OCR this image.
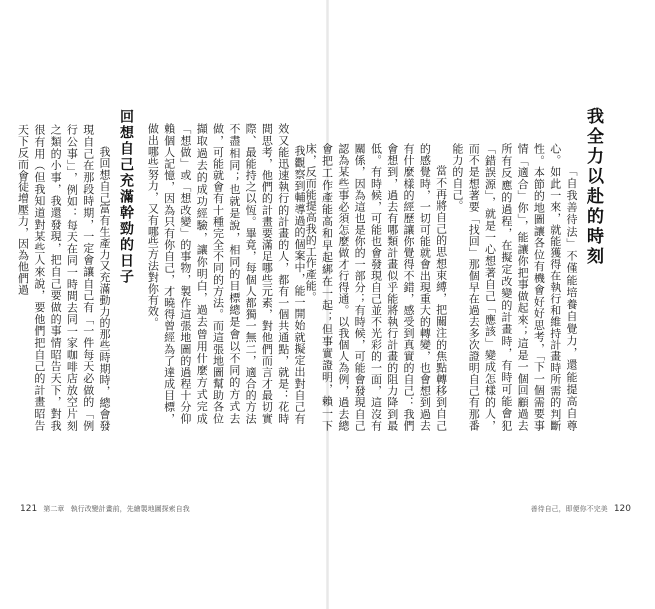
我全力以赴的時刻

「自我善待法」不僅能培養自覺力，還能提高自尊心。如此一來，就能獲得在執行和維持計畫時所需的判斷性。本節的地圖讓各位有機會好好思考，「下一個需要事情「適合」你」，能讓你把事做起來；這是一個回顧過去所有反應的過程，在擬定改變的計畫時，有時可能會犯「錯誤源」，就是一心想著自己「應該」變成怎樣的人，而不是想著要「找回」那個早在過去多次證明自己有那番能力的自己。

當不再將自己的思想束縛，把關注的焦點轉移到自己的感覺時，一切可能就會出現重大的轉變，也會想到過去有什麼樣的經歷讓你覺得不錯，感受到真實的自己：我們會想到，過去有哪類計畫似乎能將執行計畫的阻力降到最低。有時候，可能也會發現自己並不光彩的一面，這沒有關係，因為這也是你的一部分；有時候，可能會發現自己認為某些事必須怎麼做才行得通。以我個人為例，過去總會把工作產能高和早起綁在一起；但事實證明，賴一下床，反而能提高我的工作產能。

我觀察到輔導過的個案中，能一開始就擬定出對自己有效又能迅速執行的計畫的人，都有一個共通點，就是：花時間思考，他們的計畫要滿足哪些元素，對他們而言才最切實際、最能持之以恆。畢竟，每個人都獨一無二，適合的方法不盡相同；也就是說，相同的目標總是會以不同的方式去做，可能就會有十種完全不同的方法。而這張地圖幫助各位擷取過去的成功經驗，讓你明白，過去曾用什麼方式完成「想做」或「想改變」的事物，製作這張地圖的過程十分仰賴個人記憶，因為只有你自己，才曉得曾經為了達成目標，做出哪些努力，又有哪些方法對你有效。

回想自己充滿幹勁的日子

我回想自己富有生產力又充滿動力的那些時期時，總會發現自己在那段時期，一定會讓自己有「一件每天必做的「例行公事」」，例如：每天在同一時間去同一家咖啡店放空片刻之類的小事，我還發現，把自己要做的事情昭告天下，對我很有用（但我知道對某些人來說，要他們把自己的計畫昭告天下反而會徒增壓力，因為他們過

121 第二章 執行改變計畫前，先繪製地圖探索自我	善待自己，即便你不完美 120
